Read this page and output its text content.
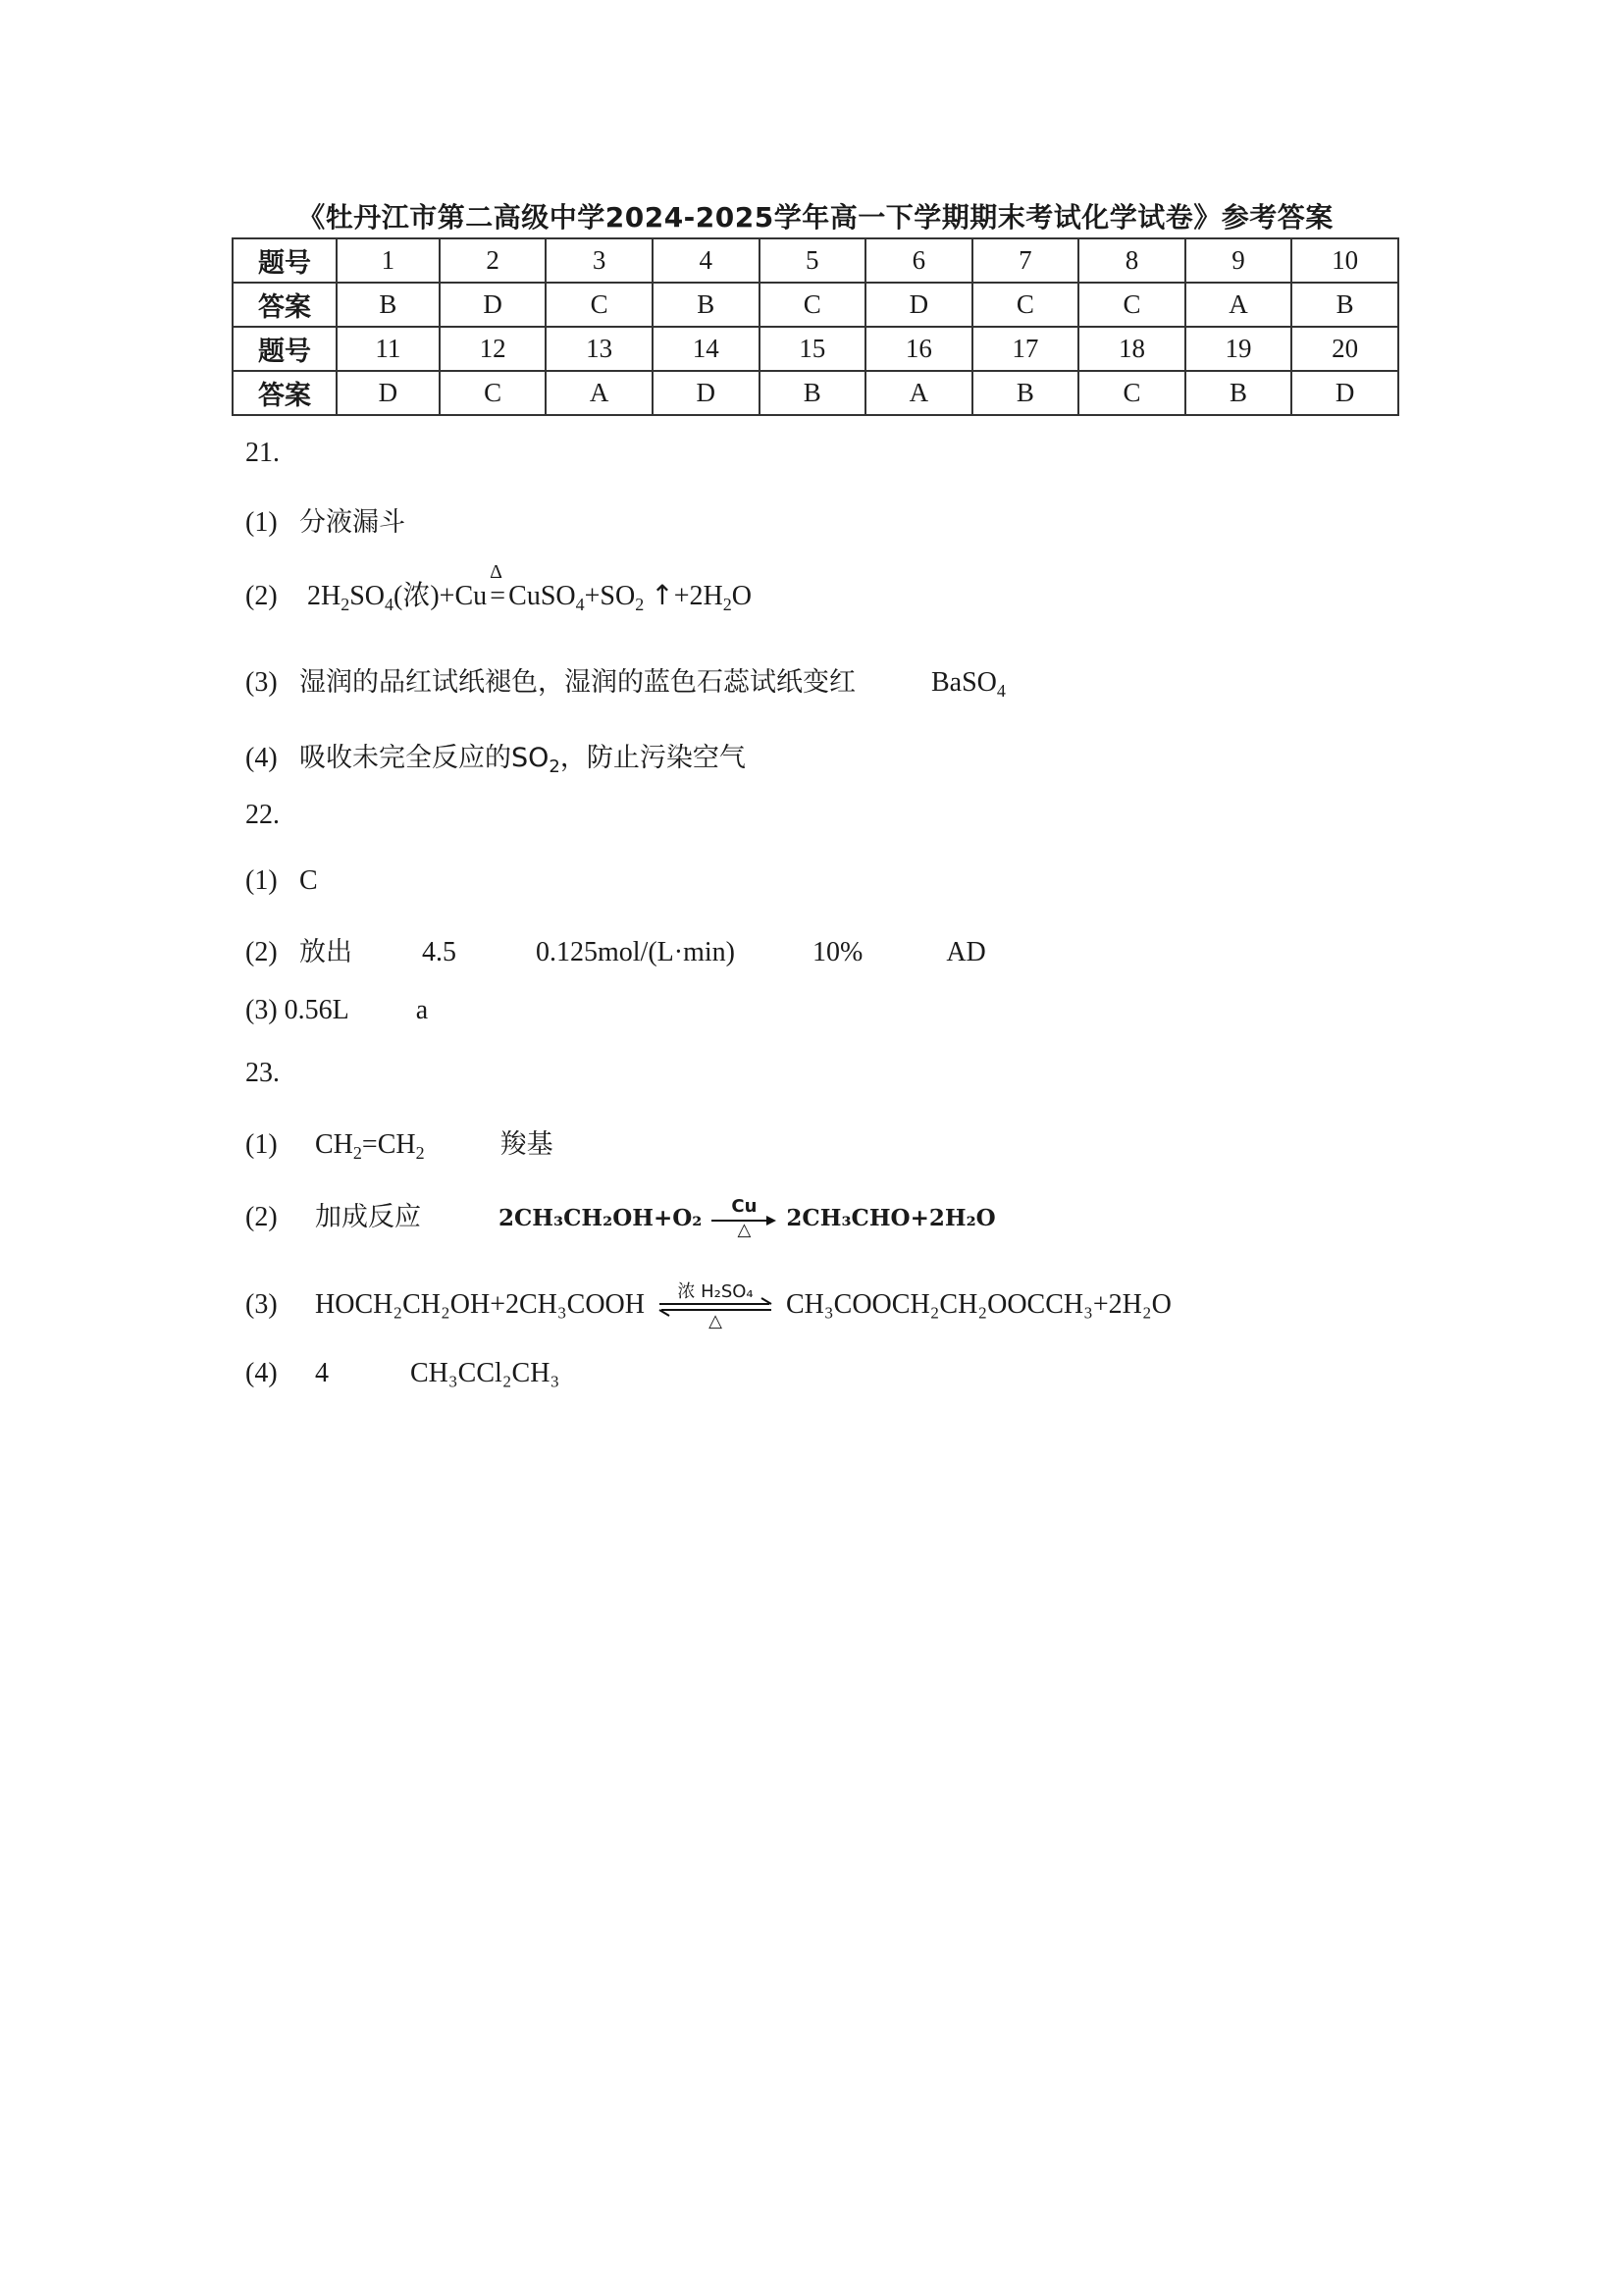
《牡丹江市第二高级中学2024-2025学年高一下学期期末考试化学试卷》参考答案
题号	1	2	3	4	5	6	7	8	9	10
答案	B	D	C	B	C	D	C	C	A	B
题号	11	12	13	14	15	16	17	18	19	20
答案	D	C	A	D	B	A	B	C	B	D
21.
(1) 分液漏斗
(2) $2H_2SO_4$(浓)+Cu
Δ
= $CuSO_4+SO_2$ $↑+2H_2O$
(3) 湿润的品红试纸褪色，湿润的蓝色石蕊试纸变红	BaSO$_4$
(4) 吸收未完全反应的$SO_2$，防止污染空气
22.
(1) C
(2) 放出	4.5	0.125mol/(L·min)	10%	AD
(3) 0.56L a
23.
(1) $CH_2=CH_2$	羧基
(2) 加成反应	2CH₃CH₂OH+O₂	Cu
△	2CH₃CHO+2H₂O
(3) HOCH₂CH₂OH+2CH₃COOH	浓 H₂SO₄
△
CH₃COOCH₂CH₂OOCCH₃+2H₂O
(4) 4	CH₃CCl₂CH₃
